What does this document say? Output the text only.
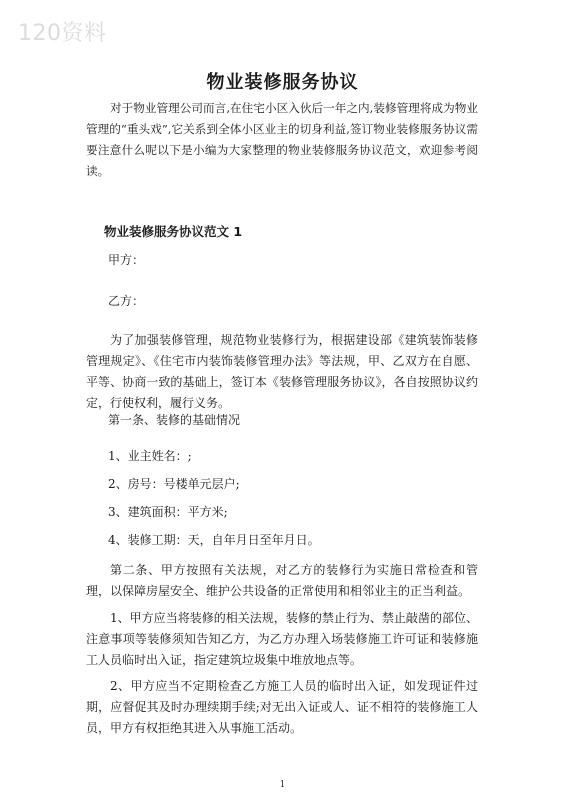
120资料
物业装修服务协议
对于物业管理公司而言,在住宅小区入伙后一年之内,装修管理将成为物业管理的“重头戏”,它关系到全体小区业主的切身利益,签订物业装修服务协议需要注意什么呢以下是小编为大家整理的物业装修服务协议范文，欢迎参考阅读。
物业装修服务协议范文 1
甲方：
乙方：
为了加强装修管理，规范物业装修行为，根据建设部《建筑装饰装修管理规定》、《住宅市内装饰装修管理办法》等法规，甲、乙双方在自愿、平等、协商一致的基础上，签订本《装修管理服务协议》，各自按照协议约定，行使权利，履行义务。
第一条、装修的基础情况
1、业主姓名：;
2、房号：号楼单元层户;
3、建筑面积：平方米;
4、装修工期：天，自年月日至年月日。
第二条、甲方按照有关法规，对乙方的装修行为实施日常检查和管理，以保障房屋安全、维护公共设备的正常使用和相邻业主的正当利益。
1
1、甲方应当将装修的相关法规，装修的禁止行为、禁止敲凿的部位、注意事项等装修须知告知乙方，为乙方办理入场装修施工许可证和装修施工人员临时出入证，指定建筑垃圾集中堆放地点等。
2、甲方应当不定期检查乙方施工人员的临时出入证，如发现证件过期，应督促其及时办理续期手续;对无出入证或人、证不相符的装修施工人员，甲方有权拒绝其进入从事施工活动。
